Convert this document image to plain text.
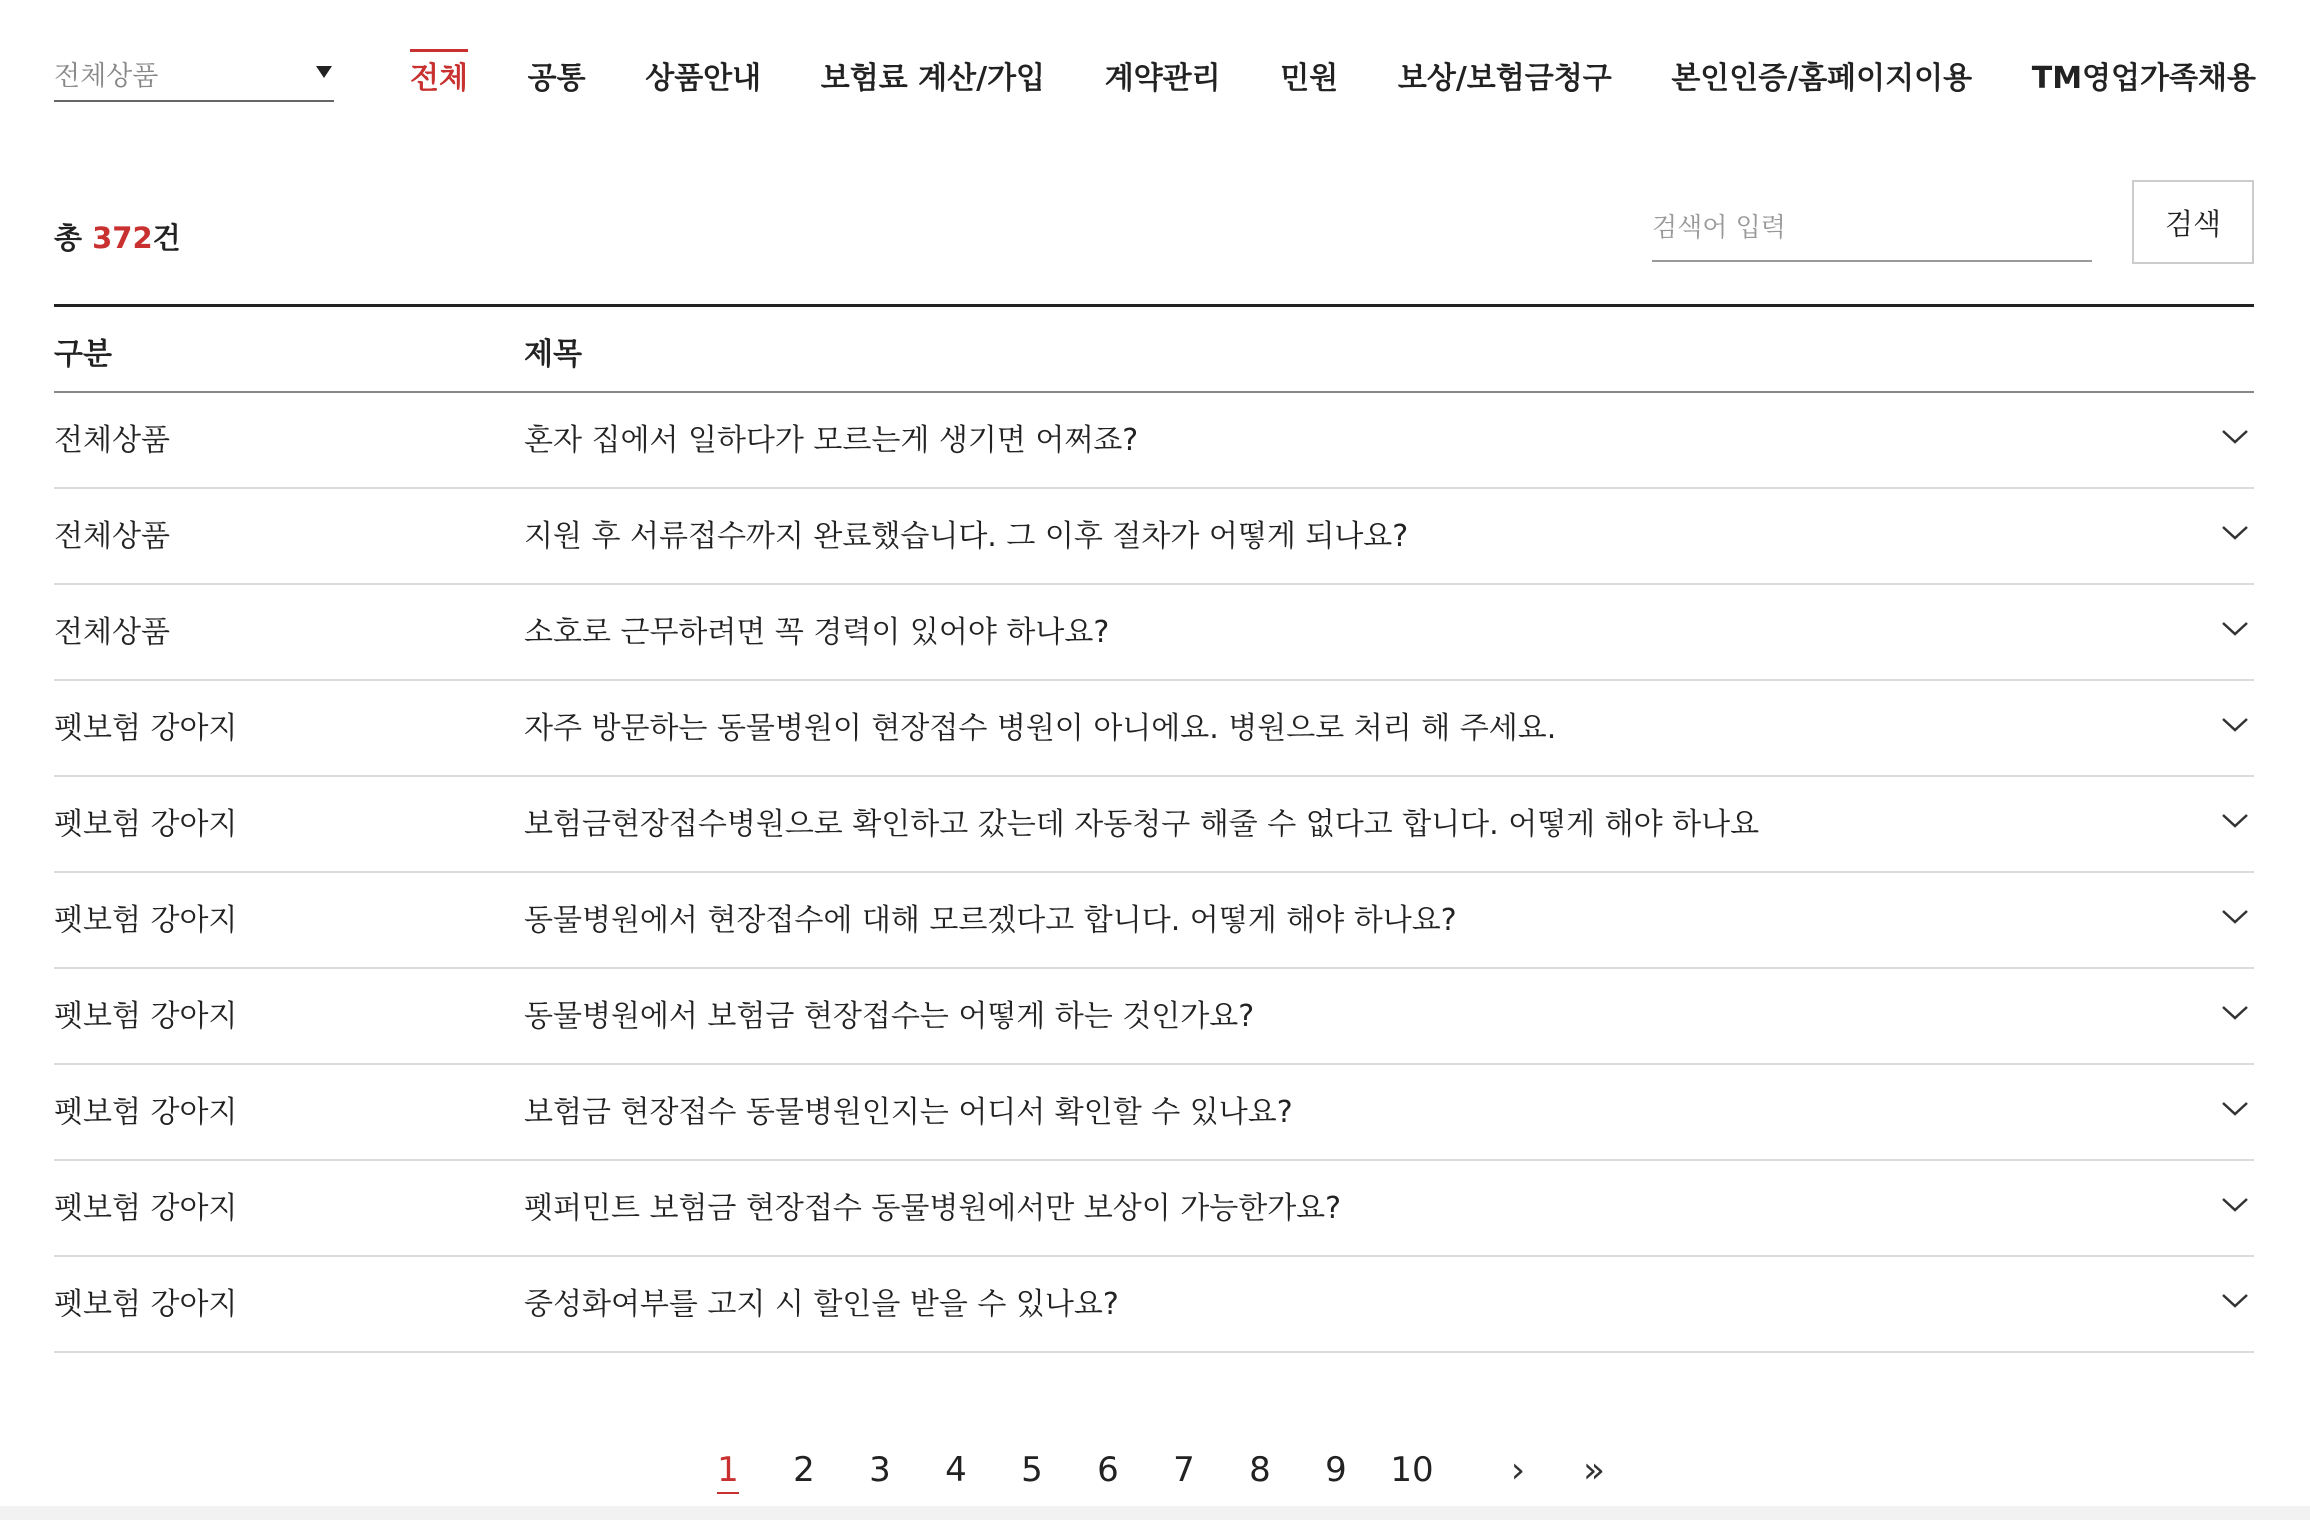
전체상품	전체 공통 상품안내 보험료 계산/가입 계약관리 민원 보상/보험금청구 본인인증/홈페이지이용 TM영업가족채용
총 372건
검색어 입력	검색
구분	제목
전체상품	혼자 집에서 일하다가 모르는게 생기면 어쩌죠?
전체상품	지원 후 서류접수까지 완료했습니다. 그 이후 절차가 어떻게 되나요?
전체상품	소호로 근무하려면 꼭 경력이 있어야 하나요?
펫보험 강아지	자주 방문하는 동물병원이 현장접수 병원이 아니에요. 병원으로 처리 해 주세요.
펫보험 강아지	보험금현장접수병원으로 확인하고 갔는데 자동청구 해줄 수 없다고 합니다. 어떻게 해야 하나요
펫보험 강아지	동물병원에서 현장접수에 대해 모르겠다고 합니다. 어떻게 해야 하나요?
펫보험 강아지	동물병원에서 보험금 현장접수는 어떻게 하는 것인가요?
펫보험 강아지	보험금 현장접수 동물병원인지는 어디서 확인할 수 있나요?
펫보험 강아지	펫퍼민트 보험금 현장접수 동물병원에서만 보상이 가능한가요?
펫보험 강아지	중성화여부를 고지 시 할인을 받을 수 있나요?
1	2	3	4	5	6	7	8	9	10	›	»
